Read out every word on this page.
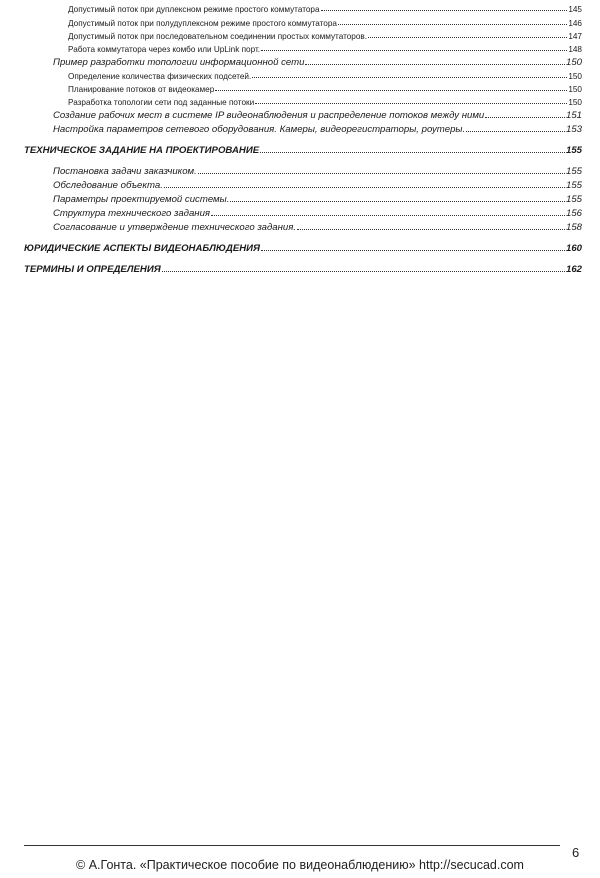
Допустимый поток при дуплексном режиме простого коммутатора	145
Допустимый поток при полудуплексном режиме простого коммутатора	146
Допустимый поток при последовательном соединении простых коммутаторов.	147
Работа коммутатора через комбо или UpLink порт.	148
Пример разработки топологии информационной сети	150
Определение количества физических подсетей.	150
Планирование потоков от видеокамер	150
Разработка топологии сети под заданные потоки	150
Создание рабочих мест в системе IP видеонаблюдения и распределение потоков между ними	151
Настройка параметров сетевого оборудования. Камеры, видеорегистраторы, роутеры.	153
ТЕХНИЧЕСКОЕ ЗАДАНИЕ НА ПРОЕКТИРОВАНИЕ	155
Постановка задачи заказчиком.	155
Обследование объекта.	155
Параметры проектируемой системы.	155
Структура технического задания	156
Согласование и утверждение технического задания.	158
ЮРИДИЧЕСКИЕ АСПЕКТЫ ВИДЕОНАБЛЮДЕНИЯ	160
ТЕРМИНЫ И ОПРЕДЕЛЕНИЯ	162
6
© А.Гонта. «Практическое пособие по видеонаблюдению» http://secucad.com
